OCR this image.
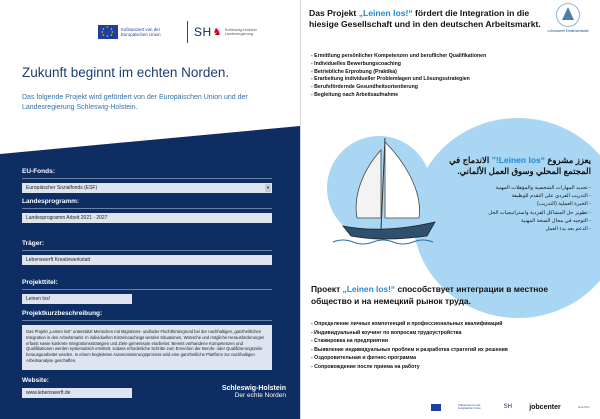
★ ★
★
★
★
★
★
★	Kofinanziert von der Europäischen Union	SH ♞ Schleswig-Holstein Landesregierung
Zukunft beginnt im echten Norden.
Das folgende Projekt wird gefördert von der Europäischen Union und der Landesregierung Schleswig-Holstein.
EU-Fonds:
Europäischer Sozialfonds (ESF)	▼
Landesprogramm:
Landesprogramm Arbeit 2021 - 2027
Träger:
Lebenswerft Kreativwerkstatt
Projekttitel:
Leinen los!
Projektkurzbeschreibung:
Das Projekt „Leinen los!“ unterstützt Menschen mit Migrations- und/oder Fluchthintergrund bei der nachhaltigen, ganzheitlichen Integration in den Arbeitsmarkt. In individuellen Einzelcoachings werden Situationen, Wünsche und mögliche Herausforderungen erfasst sowie konkrete Integrationsstrategien und Ziele gemeinsam erarbeitet. Bereits vorhandene Kompetenzen und Qualifikationen werden systematisch ermittelt, sodass erforderliche Schritte zum Erreichen der Berufs- oder Qualifizierungsziele herausgearbeitet werden. In einem begleiteten Autonomisierungsprozess wird eine ganzheitliche Plattform zur nachhaltigen Arbeitsanalyse geschaffen.
Website:
www.lebenswerft.de
Schleswig-Holstein
Der echte Norden
Lebenswerft Kreativwerkstatt
Das Projekt „Leinen los!“ fördert die Integration in die hiesige Gesellschaft und in den deutschen Arbeitsmarkt.
- Ermittlung persönlicher Kompetenzen und beruflicher Qualifikationen
- Individuelles Bewerbungscoaching
- Betriebliche Erprobung (Praktika)
- Erarbeitung individueller Problemlagen und Lösungsstrategien
- Berufsfördernde Gesundheitsorientierung
- Begleitung nach Arbeitsaufnahme
يعزز مشروع “Leinen los!” الاندماج في المجتمع المحلي وسوق العمل الألماني.
- تحديد المهارات الشخصية والمؤهلات المهنية
- التدريب الفردي على التقدم للوظيفة
- الخبرة العملية (التدريب)
- تطوير حل المشاكل الفردية واستراتيجيات الحل
- التوجيه في مجال الصحة المهنية
- الدعم بعد بدء العمل
Проект „Leinen los!“ способствует интеграции в местное общество и на немецкий рынок труда.
- Определение личных компетенций и профессиональных квалификаций
- Индивидуальный коучинг по вопросам трудоустройства
- Стажировка на предприятии
- Выявление индивидуальных проблем и разработка стратегий их решения
- Оздоровительная и фитнес-программа
- Сопровождение после приема на работу
Kofinanziert von der Europäischen Union	SH jobcenter	Kreis Plön
